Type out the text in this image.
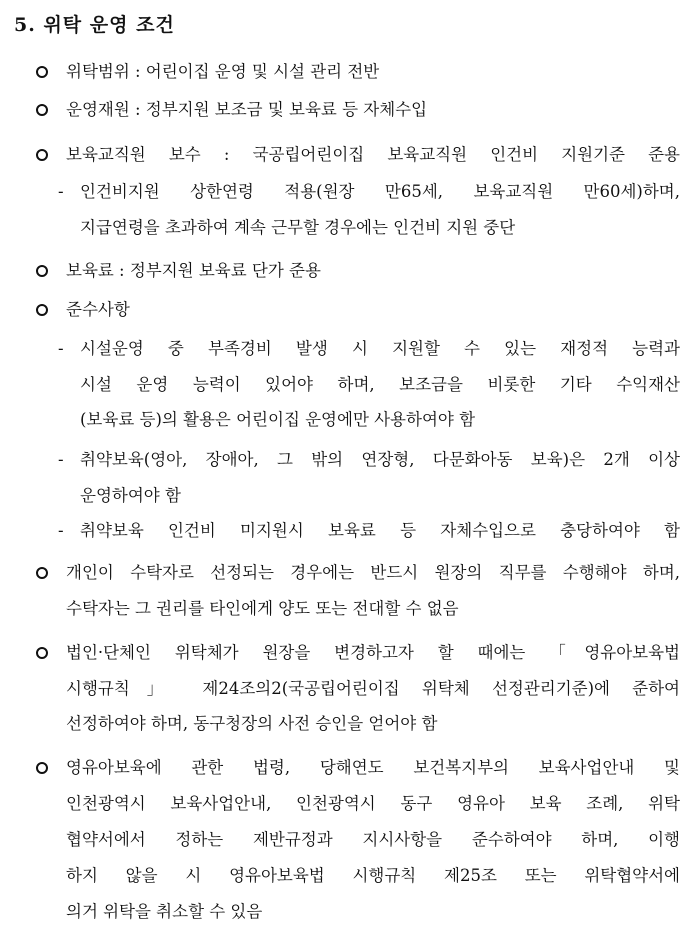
5. 위탁 운영 조건
위탁범위 : 어린이집 운영 및 시설 관리 전반
운영재원 : 정부지원 보조금 및 보육료 등 자체수입
보육교직원 보수 : 국공립어린이집 보육교직원 인건비 지원기준 준용
- 인건비지원 상한연령 적용(원장 만65세, 보육교직원 만60세)하며,
지급연령을 초과하여 계속 근무할 경우에는 인건비 지원 중단
보육료 : 정부지원 보육료 단가 준용
준수사항
- 시설운영 중 부족경비 발생 시 지원할 수 있는 재정적 능력과
시설 운영 능력이 있어야 하며, 보조금을 비롯한 기타 수익재산
(보육료 등)의 활용은 어린이집 운영에만 사용하여야 함
- 취약보육(영아, 장애아, 그 밖의 연장형, 다문화아동 보육)은 2개 이상
운영하여야 함
- 취약보육 인건비 미지원시 보육료 등 자체수입으로 충당하여야 함
개인이 수탁자로 선정되는 경우에는 반드시 원장의 직무를 수행해야 하며,
수탁자는 그 권리를 타인에게 양도 또는 전대할 수 없음
법인·단체인 위탁체가 원장을 변경하고자 할 때에는 「영유아보육법
시행규칙」 제24조의2(국공립어린이집 위탁체 선정관리기준)에 준하여
선정하여야 하며, 동구청장의 사전 승인을 얻어야 함
영유아보육에 관한 법령, 당해연도 보건복지부의 보육사업안내 및
인천광역시 보육사업안내, 인천광역시 동구 영유아 보육 조례, 위탁
협약서에서 정하는 제반규정과 지시사항을 준수하여야 하며, 이행
하지 않을 시 영유아보육법 시행규칙 제25조 또는 위탁협약서에
의거 위탁을 취소할 수 있음
